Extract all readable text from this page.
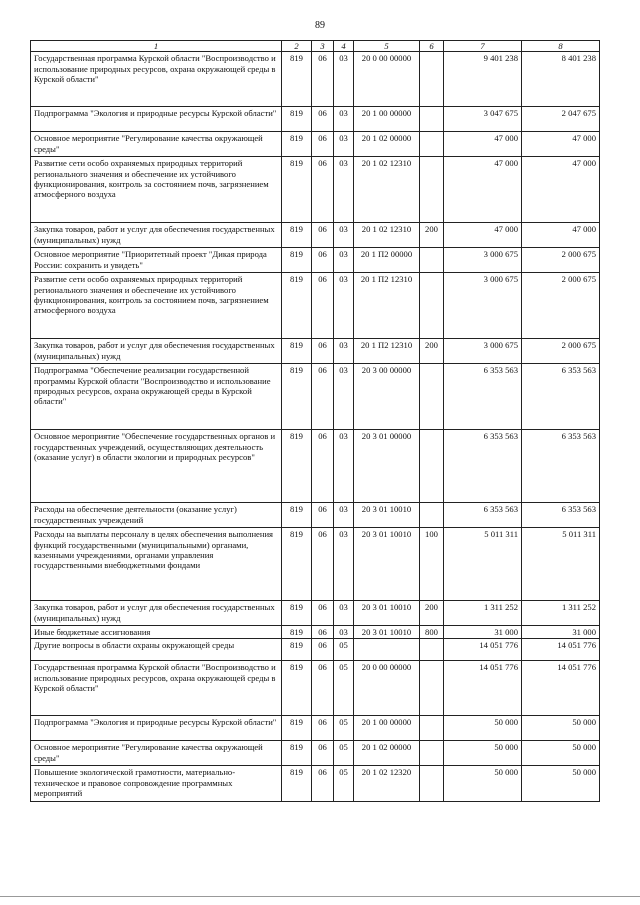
89
1	2	3	4	5	6	7	8
Государственная программа Курской области "Воспроизводство и использование природных ресурсов, охрана окружающей среды в Курской области"	819	06	03	20 0 00 00000		9 401 238	8 401 238
Подпрограмма "Экология и природные ресурсы Курской области"	819	06	03	20 1 00 00000		3 047 675	2 047 675
Основное мероприятие "Регулирование качества окружающей среды"	819	06	03	20 1 02 00000		47 000	47 000
Развитие сети особо охраняемых природных территорий регионального значения и обеспечение их устойчивого функционирования, контроль за состоянием почв, загрязнением атмосферного воздуха	819	06	03	20 1 02 12310		47 000	47 000
Закупка товаров, работ и услуг для обеспечения государственных (муниципальных) нужд	819	06	03	20 1 02 12310	200	47 000	47 000
Основное мероприятие "Приоритетный проект "Дикая природа России: сохранить и увидеть"	819	06	03	20 1 П2 00000		3 000 675	2 000 675
Развитие сети особо охраняемых природных территорий регионального значения и обеспечение их устойчивого функционирования, контроль за состоянием почв, загрязнением атмосферного воздуха	819	06	03	20 1 П2 12310		3 000 675	2 000 675
Закупка товаров, работ и услуг для обеспечения государственных (муниципальных) нужд	819	06	03	20 1 П2 12310	200	3 000 675	2 000 675
Подпрограмма "Обеспечение реализации государственной программы Курской области "Воспроизводство и использование природных ресурсов, охрана окружающей среды в Курской области"	819	06	03	20 3 00 00000		6 353 563	6 353 563
Основное мероприятие "Обеспечение государственных органов и государственных учреждений, осуществляющих деятельность (оказание услуг) в области экологии и природных ресурсов"	819	06	03	20 3 01 00000		6 353 563	6 353 563
Расходы на обеспечение деятельности (оказание услуг) государственных учреждений	819	06	03	20 3 01 10010		6 353 563	6 353 563
Расходы на выплаты персоналу в целях обеспечения выполнения функций государственными (муниципальными) органами, казенными учреждениями, органами управления государственными внебюджетными фондами	819	06	03	20 3 01 10010	100	5 011 311	5 011 311
Закупка товаров, работ и услуг для обеспечения государственных (муниципальных) нужд	819	06	03	20 3 01 10010	200	1 311 252	1 311 252
Иные бюджетные ассигнования	819	06	03	20 3 01 10010	800	31 000	31 000
Другие вопросы в области охраны окружающей среды	819	06	05			14 051 776	14 051 776
Государственная программа Курской области "Воспроизводство и использование природных ресурсов, охрана окружающей среды в Курской области"	819	06	05	20 0 00 00000		14 051 776	14 051 776
Подпрограмма "Экология и природные ресурсы Курской области"	819	06	05	20 1 00 00000		50 000	50 000
Основное мероприятие "Регулирование качества окружающей среды"	819	06	05	20 1 02 00000		50 000	50 000
Повышение экологической грамотности, материально-техническое и правовое сопровождение программных мероприятий	819	06	05	20 1 02 12320		50 000	50 000
